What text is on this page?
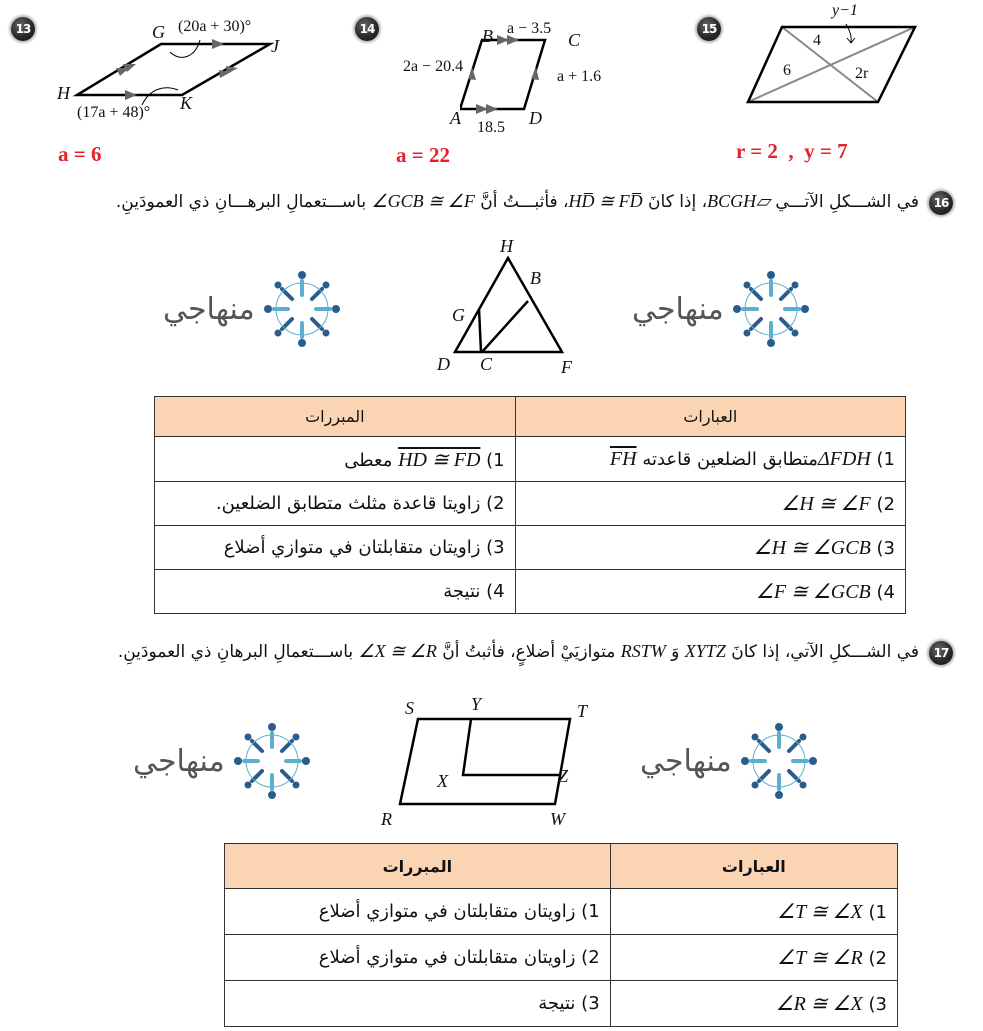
13	G
J
H	K
(20a + 30)°
(17a + 48)°
a = 6
14	B	C
A	D
a − 3.5
2a − 20.4
a + 1.6
18.5
a = 22
15
y−1
4
6	2r
r = 2  ,  y = 7
16
في الشـــكلِ الآتـــي BCGH▱، إذا كانَ HD̅ ≅ FD̅، فأثبـــتُ أنَّ ∠GCB ≅ ∠F باســـتعمالِ البرهـــانِ ذي العمودَينِ.
منهاجي	منهاجي
H
B
G
D C	F
العبارات	المبررات
1) ΔFDHمتطابق الضلعين قاعدته $\overline{FH}$	1) HD ≅ FD معطى
2) ∠H ≅ ∠F	2) زاويتا قاعدة مثلث متطابق الضلعين.
3) ∠H ≅ ∠GCB	3) زاويتان متقابلتان في متوازي أضلاع
4) ∠F ≅ ∠GCB	4) نتيجة
17
في الشـــكلِ الآتي، إذا كانَ XYTZ وَ RSTW متوازيَيْ أضلاعٍ، فأثبتُ أنَّ ∠X ≅ ∠R باســـتعمالِ البرهانِ ذي العمودَينِ.
منهاجي	منهاجي
S	Y	T
X	Z
R	W
العبارات	المبررات
1) ∠T ≅ ∠X	1) زاويتان متقابلتان في متوازي أضلاع
2) ∠T ≅ ∠R	2) زاويتان متقابلتان في متوازي أضلاع
3) ∠R ≅ ∠X	3) نتيجة
